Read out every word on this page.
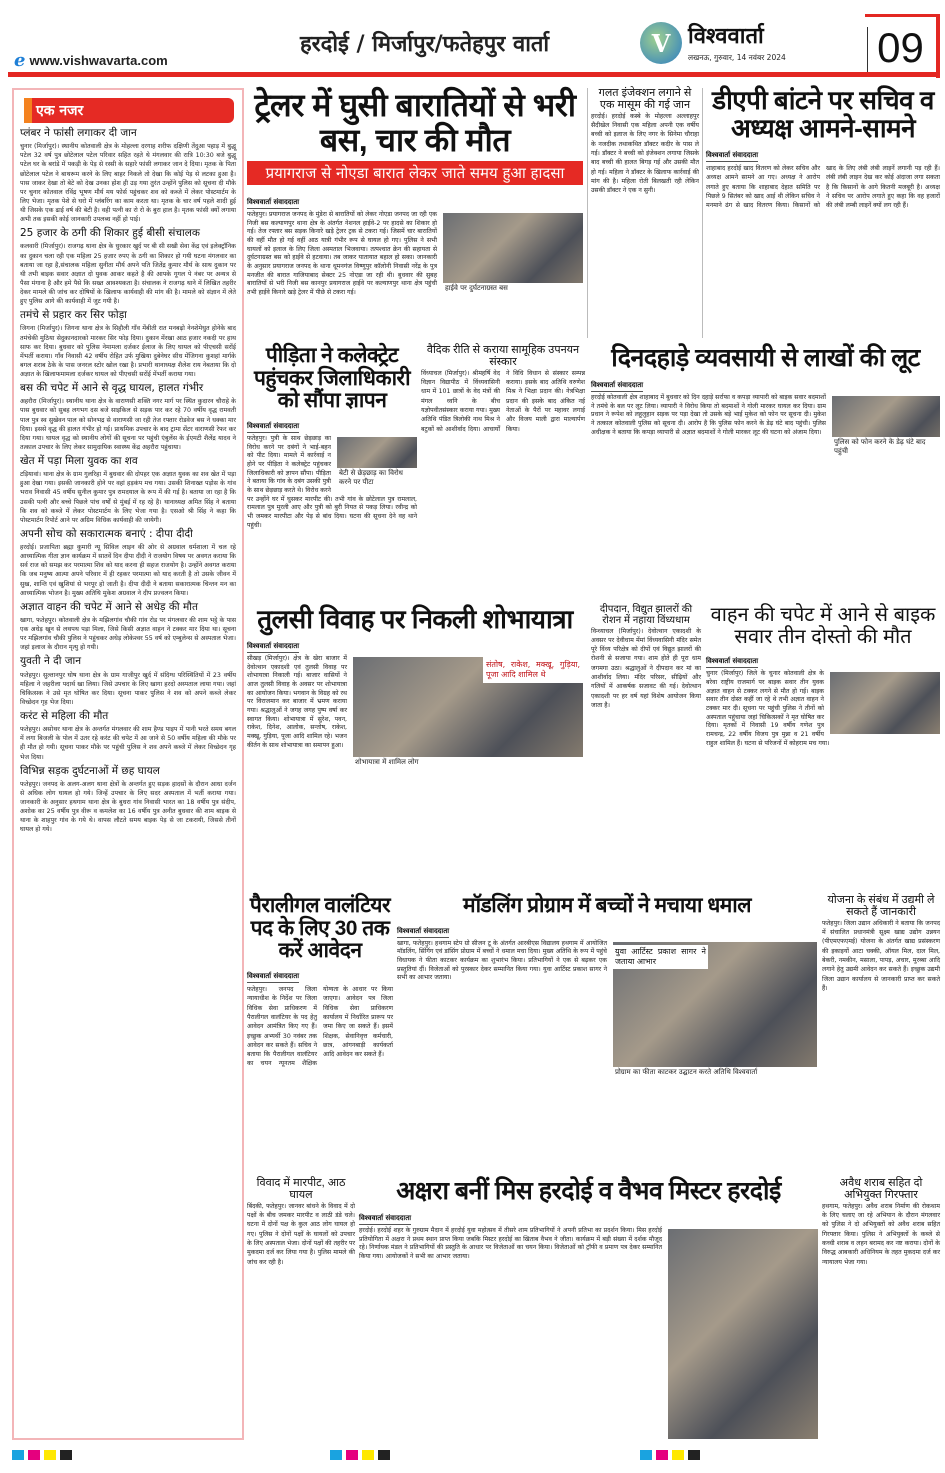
e www.vishwavarta.com
हरदोई / मिर्जापुर/फतेहपुर वार्ता	V विश्ववार्ता
लखनऊ, गुरुवार, 14 नवंबर 2024 09
एक नजर
प्लंबर ने फांसी लगाकर दी जान

चुनार (मिर्जापुर)। स्थानीय कोतवाली क्षेत्र के मोहल्ला दरगाह शरीफ दक्षिणी तेंदुआ पहाड़ में बुद्धू पटेल 32 वर्ष पुत्र छोटेलाल पटेल परिवार सहित रहते थे मंगलवार की रात्रि 10:30 बजे बुद्धू पटेल घर के बरांडे में पकड़ी के पेड़ से रस्सी के सहारे फांसी लगाकर जान दे दिया। मृतक के पिता छोटेलाल पटेल ने बाथरूम करने के लिए बाहर निकले तो देखा कि कोई पेड़ से लटका हुआ है। पास जाकर देखा तो बेटे को देख उनका होश ही उड़ गया तुरंत उन्होंने पुलिस को सूचना दी मौके पर चुनार कोतवाल रविंद्र भूषण मौर्य मय फोर्स पहुंचकर शव को कब्जे में लेकर पोस्टमार्टम के लिए भेजा। मृतक पेशे से घरो में प्लंबरिंग का काम करता था। मृतक के चार वर्ष पहले शादी हुई थी जिसके एक ढाई वर्ष की बेटी है। वही पत्नी का रो रो के बुरा हाल है। मृतक फांसी क्यों लगाया अभी तक इसकी कोई जानकारी उपलब्ध नहीं हो पाई।

25 हजार के ठगी की शिकार हुई बीसी संचालक

कलवारी (मिर्जापुर)। राजगढ़ थाना क्षेत्र के धुरकार खुर्द पर बी सी सखी सेवा केंद्र एवं इलेक्ट्रॉनिक का दुकान चला रही एक महिला 25 हजार रुपए के ठगी का शिकार हो गयी घटना मंगलवार का बताया जा रहा है,संचालक महिला सुनीता मौर्य अपने पति जितेंद्र कुमार मौर्य के साथ दुकान पर थी तभी बाइक सवार अज्ञात दो युवक आकर कहते है की आपके गूगल पे नंबर पर अन्यत्र से पैसा मंगाना है और हमे पैसे कि सख्त आवश्यकता है। संचालक ने राजगढ़ थाने में लिखित तहरीर देकर मामले की जांच कर दोषियों के खिलाफ कार्यवाही की मांग की है। मामले को संज्ञान में लेते हुए पुलिस आगे की कार्यवाही में जुट गयी है।

तमंचे से प्रहार कर सिर फोड़ा

जिगना (मिर्जापुर)। जिगना थाना क्षेत्र के सिहौली गाँव मेंबीती रात मनबढ़ो नेनशेमेधुत होनेके बाद तमंचेकी मुठिया सेदुकानदारको मारकर सिर फोड़ दिया। दुकान मेंरखा आठ हजार नकदी पर हाथ साफ कर दिया। बुधवार को पुलिस नेमामला दर्जकर ईलाज के लिए घायल को पीएचसी सरोंई मेंभर्ती कराया। गाँव निवासी 42 वर्षीय रोहित उर्फ मुखिया दुबेनेघर सीध मेंजिगना कुशहां मार्गके बगल शराब ठेके के पास जनरल स्टोर खोल रखा है। प्रभारी थानाध्यक्ष शैलेश राय नेबताया कि दो अज्ञात के खिलाफमामला दर्जकर घायल को पीएचसी सरोंई मेंभर्ती कराया गया।

बस की चपेट में आने से वृद्ध घायल, हालत गंभीर

अहरौरा (मिर्जापुर)। स्थानीय थाना क्षेत्र के वाराणसी शक्ति नगर मार्ग पर स्थित कुदारन चौराहे के पास बुधवार को सुबह लगभग दस बजे साइकिल से सड़क पार कर रहे 70 वर्षीय वृद्ध रामवती पाल पुत्र स्व सुखेवन पाल को सोनभद्र से वाराणसी जा रही तेज रफ्तार रोडवेज बस ने धक्का मार दिया। इससे वृद्ध की हालत गंभीर हो गई। प्राथमिक उपचार के बाद ट्रामा सेंटर वाराणसी रेफर कर दिया गया। घायल वृद्ध को स्थानीय लोगों की सूचना पर पहुंची एंबुलेंस के ईएमटी शैलेंद्र यादव ने तत्काल उपचार के लिए लेकर सामुदायिक स्वास्थ्य केंद्र अहरौरा पहुंचाया।

खेत में पड़ा मिला युवक का शव

टड़ियावां। थाना क्षेत्र के ग्राम गुलरिहा में बुधवार की दोपहर एक अज्ञात युवक का शव खेत में पड़ा हुआ देखा गया। इसकी जानकारी होने पर वहां हड़कंप मच गया। उसकी शिनाख्त पड़ोस के गांव भराव निवासी 45 वर्षीय सुनील कुमार पुत्र रामदयाल के रूप में की गई है। बताया जा रहा है कि उसकी पत्नी और बच्चे पिछले पांच वर्षों से मुंबई में रह रहे है। थानाध्यक्ष अमित सिंह ने बताया कि शव को कब्जे में लेकर पोस्टमार्टम के लिए भेजा गया है। एसओ श्री सिंह ने कहा कि पोस्टमार्टम रिपोर्ट आने पर अग्रिम विधिक कार्यवाही की जायेगी।

अपनी सोच को सकारात्मक बनाएं : दीपा दीदी

हरदोई। प्रजापिता ब्रह्मा कुमारी न्यू सिविल लाइन की ओर से अग्रवाल धर्मशाला में चल रहे आध्यात्मिक गीता ज्ञान कार्यक्रम में सातवें दिन दीपा दीदी ने राजयोग विषय पर अवगत कराया कि सर्व राज को समझ कर परमात्मा शिव को याद करना ही सहज राजयोग है। उन्होंने अवगत कराया कि जब मनुष्य आत्मा अपने परिवार में ही रहकर परमात्मा को याद करती है तो उसके जीवन में सुख, शान्ति एवं खुशियां से भरपूर हो जाती है। दीपा दीदी ने बताया सकारात्मक चिन्तन मन का आध्यात्मिक भोजन है। मुख्य अतिथि मुकेश अग्रवाल ने दीप प्रज्वलन किया।

अज्ञात वाहन की चपेट में आने से अधेड़ की मौत

खागा, फतेहपुर। कोतवाली क्षेत्र के मझिलगांव चौकी गांव रोड पर मंगलवार की शाम भट्ठे के पास एक अधेड़ खून से लथपथ पड़ा मिला, जिसे किसी अज्ञात वाहन ने टक्कर मार दिया था। सूचना पर मझिलगांव चौकी पुलिस ने पहुंचकर अधेड़ लोकेश्वर 55 वर्ष को एम्बुलेन्स से अस्पताल भेजा। जहां इलाज के दौरान मृत्यु हो गयी।

युवती ने दी जान

फतेहपुर। सुल्तानपुर घोष थाना क्षेत्र के ग्राम गाजीपुर खुर्द में संदिग्ध परिस्थितियों में 23 वर्षीय महिला ने जहरीला पदार्थ खा लिया। जिसे उपचार के लिए खागा हरदो अस्पताल लाया गया। जहां चिकित्सक ने उसे मृत घोषित कर दिया। सूचना पाकर पुलिस ने शव को अपने कब्जे लेकर विच्छेदन गृह भेज दिया।

करंट से महिला की मौत

फतेहपुर। असोथर थाना क्षेत्र के अन्तर्गत मंगलवार की शाम हैण्ड पाइप में पानी भरते समय बगल में लगा बिजली के पोल में उतर रहे करंट की चपेट में आ जाने से 50 वर्षीय महिला की मौके पर ही मौत हो गयी। सूचना पाकर मौके पर पहुंची पुलिस ने शव अपने कब्जे में लेकर विच्छेदन गृह भेज दिया।

विभिन्न सड़क दुर्घटनाओं में छह घायल

फतेहपुर। जनपद के अलग-अलग थाना क्षेत्रों के अन्तर्गत हुए सड़क हादसों के दौरान आधा दर्जन से अधिक लोग घायल हो गये। जिन्हें उपचार के लिए सदर अस्पताल में भर्ती कराया गया। जानकारी के अनुसार हथगाम थाना क्षेत्र के बुधरा गांव निवासी भारत का 18 वर्षीय पुत्र संदीप, अशोक का 25 वर्षीय पुत्र वीरू व कमलेश का 16 वर्षीय पुत्र अनीत बुधवार की शाम बाइक से थाना के शाहपुर गांव के गये थे। वापस लौटते समय बाइक पेड़ से जा टकरायी, जिससे तीनों घायल हो गये।

ट्रेलर में घुसी बारातियों से भरी बस, चार की मौत
प्रयागराज से नोएडा बारात लेकर जाते समय हुआ हादसा
विश्ववार्ता संवाददाता
हाईवे पर दुर्घटनाग्रस्त बस
फतेहपुर। प्रयागराज जनपद के मुंडेरा से बारातियों को लेकर नोएडा जनपद जा रही एक निजी बस कल्याणपुर थाना क्षेत्र के अंतर्गत नेशनल हाईवे-2 पर हादसे का शिकार हो गई। तेज रफ्तार बस सड़क किनारे खड़े ट्रेलर ट्रक से टकरा गई। जिसमें चार बारातियों की वहीं मौत हो गई वहीं आठ यात्री गंभीर रूप से घायल हो गए। पुलिस ने सभी घायलों को इलाज के लिए जिला अस्पताल भिजवाया। तत्पश्चात क्रेन की सहायता से दुर्घटनाग्रस्त बस को हाईवे से हटवाया। तब जाकर यातायात बहाल हो सका। जानकारी के अनुसार प्रयागराज जनपद के थाना धूमनगंज विष्णुपुर कॉलोनी निवासी नरेंद्र के पुत्र मनजीत की बारात गाजियाबाद सेक्टर 25 नोएडा जा रही थी। बुधवार की सुबह बारातियों से भरी निजी बस कानपुर प्रयागराज हाईवे पर कल्याणपुर थाना क्षेत्र पहुंची तभी हाईवे किनारे खड़े ट्रेलर में पीछे से टकरा गई।
गलत इंजेक्शन लगाने से एक मासूम की गई जान
हरदोई। हरदोई कस्बे के मोहल्ला अल्लाहपुर सैदीखेल निवासी एक महिला अपनी एक वर्षीय बच्ची को इलाज के लिए नगर के सिनेमा चौराहा के नजदीक तथाकथित डॉक्टर कदीर के पास ले गई। डॉक्टर ने बच्ची को इंजेक्शन लगाया जिसके बाद बच्ची की हालत बिगड़ गई और उसकी मौत हो गई। महिला ने डॉक्टर के खिलाफ कार्रवाई की मांग की है। महिला रोती बिलखती रही लेकिन उसकी डॉक्टर ने एक न सुनी।
डीएपी बांटने पर सचिव व अध्यक्ष आमने-सामने
विश्ववार्ता संवाददाता
शाहाबाद हरदोई खाद वितरण को लेकर सचिव और अध्यक्ष आमने सामने आ गए। अध्यक्ष ने आरोप लगाते हुए बताया कि शाहाबाद देहात समिति पर पिछले 9 सितंबर को खाद आई थी लेकिन सचिव ने मनमाने ढंग से खाद वितरण किया। किसानों को खाद के लिए लंबी लंबी लाइनें लगानी पड़ रही हैं। लंबी लंबी लाइन देख कर कोई अंदाजा लगा सकता है कि किसानों के आगे कितनी मजबूरी है। अध्यक्ष ने सचिव पर आरोप लगाते हुए कहा कि वह हजारों की लंबी लम्बी लाइनें क्यों लग रही हैं।
पीड़िता ने कलेक्ट्रेट पहुंचकर जिलाधिकारी को सौंपा ज्ञापन
विश्ववार्ता संवाददाता
बेटी से छेड़छाड़ का विरोध करने पर पीटा
फतेहपुर। पुत्री के साथ छेड़छाड़ का विरोध करने पर दबंगों ने भाई-बहन को पीट दिया। मामले में कार्रवाई न होने पर पीड़िता ने कलेक्ट्रेट पहुंचकर जिलाधिकारी को ज्ञापन सौंपा। पीड़िता ने बताया कि गांव के दबंग उसकी पुत्री के साथ छेड़छाड़ करते थे। विरोध करने पर उन्होंने घर में घुसकर मारपीट की। तभी गांव के छोटेलाल पुत्र रामलाल, रामलाल पुत्र मुरली आए और पुत्री को बुरी नियत से पकड़ लिया। रवीन्द्र को भी जमकर मारपीटा और पेड़ से बांध दिया। घटना की सूचना देने वह थाने पहुंची।
वैदिक रीति से कराया सामूहिक उपनयन संस्कार
विंध्याचल (मिर्जापुर)। श्रीमहर्षि वेद विज्ञान विद्यापीठ में विंध्यवासिनी धाम में 101 छात्रों के वेद मंत्रों की मंगल ध्वनि के बीच यज्ञोपवीतसंस्कार कराया गया। मुख्य अतिथि पंडित त्रिलोकी नाथ मिश्र ने बटुकों को आशीर्वाद दिया। आचार्यों ने विधि विधान से संस्कार सम्पन्न कराया। इसके बाद अतिथि वरुणेश मिश्र ने भिक्षा प्रदान की। नेत्रभिक्षा प्रदान की इसके बाद अंकित नई नेताओं के पैरों पर महावर लगाई और विजय माली द्वारा माल्यार्पण किया।
दिनदहाड़े व्यवसायी से लाखों की लूट
विश्ववार्ता संवाददाता
पुलिस को फोन करने के डेढ़ घंटे बाद पहुंची
हरदोई कोतवाली क्षेत्र शाहाबाद में बुधवार को दिन दहाड़े सर्राफा व कपड़ा व्यापारी को बाइक सवार बदमाशों ने तमंचे के बल पर लूट लिया। व्यापारी ने विरोध किया तो बदमाशों ने गोली मारकर घायल कर दिया। ग्राम प्रधान ने रूपेश को लहूलुहान सड़क पर पड़ा देखा तो उसके बड़े भाई मुकेश को फोन पर सूचना दी। मुकेश ने तत्काल कोतवाली पुलिस को सूचना दी। आरोप है कि पुलिस फोन करने के डेढ़ घंटे बाद पहुंची। पुलिस अधीक्षक ने बताया कि कपड़ा व्यापारी से अज्ञात बदमाशों ने गोली मारकर लूट की घटना को अंजाम दिया।
तुलसी विवाह पर निकली शोभायात्रा
विश्ववार्ता संवाददाता
शोभायात्रा में शामिल लोग
संतोष, राकेश, मक्खू, गुड़िया, पूजा आदि शामिल थे
सीखड़ (मिर्जापुर)। क्षेत्र के खेरा बाजार में देवोत्थान एकादशी एवं तुलसी विवाह पर शोभायात्रा निकाली गई। बाजार वासियों ने आज तुलसी विवाह के अवसर पर शोभायात्रा का आयोजन किया। भगवान के विग्रह को रथ पर विराजमान कर बाजार में भ्रमण कराया गया। श्रद्धालुओं ने जगह जगह पुष्प वर्षा कर स्वागत किया। शोभायात्रा में सुरेश, पवन, राकेश, दिनेश, आलोक, सन्तोष, राकेश, मक्खू, गुड़िया, पूजा आदि शामिल रहे। भजन कीर्तन के साथ शोभायात्रा का समापन हुआ।
दीपदान, विद्युत झालरों की रोशन में नहाया विंध्यधाम
विन्ध्याचल (मिर्जापुर)। देवोत्थान एकादशी के अवसर पर देवीधाम मेंमां विंध्यवासिनी मंदिर समेत पूरे विंध्य परिक्षेत्र को दीपों एवं विद्युत झालरों की रोशनी से सजाया गया। शाम होते ही पूरा धाम जगमगा उठा। श्रद्धालुओं ने दीपदान कर मां का आशीर्वाद लिया। मंदिर परिसर, सीढ़ियों और गलियों में आकर्षक सजावट की गई। देवोत्थान एकादशी पर हर वर्ष यहां विशेष आयोजन किया जाता है।
वाहन की चपेट में आने से बाइक सवार तीन दोस्तो की मौत
विश्ववार्ता संवाददाता
चुनार (मिर्जापुर) जिले के चुनार कोतवाली क्षेत्र के बरेवा राष्ट्रीय राजमार्ग पर बाइक सवार तीन युवक अज्ञात वाहन से टक्कर लगने से मौत हो गई। बाइक सवार तीन दोस्त कहीं जा रहे थे तभी अज्ञात वाहन ने टक्कर मार दी। सूचना पर पहुंची पुलिस ने तीनों को अस्पताल पहुंचाया जहां चिकित्सकों ने मृत घोषित कर दिया। मृतकों में निवासी 19 वर्षीय गणेश पुत्र रामचन्द्र, 22 वर्षीय विजय पुत्र मुन्ना व 21 वर्षीय राहुल शामिल हैं। घटना से परिजनों में कोहराम मच गया।
पैरालीगल वालंटियर पद के लिए 30 तक करें आवेदन
विश्ववार्ता संवाददाता
फतेहपुर। जनपद जिला न्यायाधीश के निर्देश पर जिला विधिक सेवा प्राधिकरण में पैरालीगल वालंटियर के पद हेतु आवेदन आमंत्रित किए गए हैं। इच्छुक अभ्यर्थी 30 नवंबर तक आवेदन कर सकते हैं। सचिव ने बताया कि पैरालीगल वालंटियर का चयन न्यूनतम शैक्षिक योग्यता के आधार पर किया जाएगा। आवेदन पत्र जिला विधिक सेवा प्राधिकरण कार्यालय में निर्धारित प्रारूप पर जमा किए जा सकते हैं। इसमें शिक्षक, सेवानिवृत्त कर्मचारी, छात्र, आंगनबाड़ी कार्यकर्ता आदि आवेदन कर सकते हैं।
मॉडलिंग प्रोग्राम में बच्चों ने मचाया धमाल
विश्ववार्ता संवाददाता
प्रोग्राम का फीता काटकर उद्घाटन करते अतिथि विश्ववार्ता
युवा आर्टिस्ट प्रकाश सागर ने जताया आभार
खागा, फतेहपुर। हथगाम स्टेप ग्रो सीजन टू के अंतर्गत आरबीएस विद्यालय हथगाम में आयोजित मॉडलिंग, सिंगिंग एवं डांसिंग प्रोग्राम में बच्चों ने धमाल मचा दिया। मुख्य अतिथि के रूप में पहुंचे विधायक ने फीता काटकर कार्यक्रम का शुभारंभ किया। प्रतिभागियों ने एक से बढ़कर एक प्रस्तुतियां दीं। विजेताओं को पुरस्कार देकर सम्मानित किया गया। युवा आर्टिस्ट प्रकाश सागर ने सभी का आभार जताया।
योजना के संबंध में उद्यमी ले सकते हैं जानकारी
फतेहपुर। जिला उद्यान अधिकारी ने बताया कि जनपद में संचालित प्रधानमंत्री सूक्ष्म खाद्य उद्योग उन्नयन (पीएमएफएमई) योजना के अंतर्गत खाद्य प्रसंस्करण की इकाइयों आटा चक्की, ऑयल मिल, दाल मिल, बेकरी, नमकीन, मसाला, पापड़, अचार, मुरब्बा आदि लगाने हेतु उद्यमी आवेदन कर सकते हैं। इच्छुक उद्यमी जिला उद्यान कार्यालय से जानकारी प्राप्त कर सकते हैं।
विवाद में मारपीट, आठ घायल
बिंदकी, फतेहपुर। जानवर बांधने के विवाद में दो पक्षों के बीच जमकर मारपीट व लाठी डंडे चले। घटना में दोनों पक्ष के कुल आठ लोग घायल हो गए। पुलिस ने दोनों पक्षों के घायलों को उपचार के लिए अस्पताल भेजा। दोनों पक्षों की तहरीर पर मुकदमा दर्ज कर लिया गया है। पुलिस मामले की जांच कर रही है।
अक्षरा बनीं मिस हरदोई व वैभव मिस्टर हरदोई
विश्ववार्ता संवाददाता
हरदोई। हरदोई शहर के गुरुग्राम मैदान में हरदोई युवा महोत्सव में तीसरे शाम प्रतिभागियों ने अपनी प्रतिभा का प्रदर्शन किया। मिस हरदोई प्रतियोगिता में अक्षरा ने प्रथम स्थान प्राप्त किया जबकि मिस्टर हरदोई का खिताब वैभव ने जीता। कार्यक्रम में बड़ी संख्या में दर्शक मौजूद रहे। निर्णायक मंडल ने प्रतिभागियों की प्रस्तुति के आधार पर विजेताओं का चयन किया। विजेताओं को ट्रॉफी व प्रमाण पत्र देकर सम्मानित किया गया। आयोजकों ने सभी का आभार जताया।
अवैध शराब सहित दो अभियुक्त गिरफ्तार
हथगाम, फतेहपुर। अवैध शराब निर्माण की रोकथाम के लिए चलाए जा रहे अभियान के दौरान मंगलवार को पुलिस ने दो अभियुक्तों को अवैध शराब सहित गिरफ्तार किया। पुलिस ने अभियुक्तों के कब्जे से कच्ची शराब व लहन बरामद कर नष्ट कराया। दोनों के विरुद्ध आबकारी अधिनियम के तहत मुकदमा दर्ज कर न्यायालय भेजा गया।
